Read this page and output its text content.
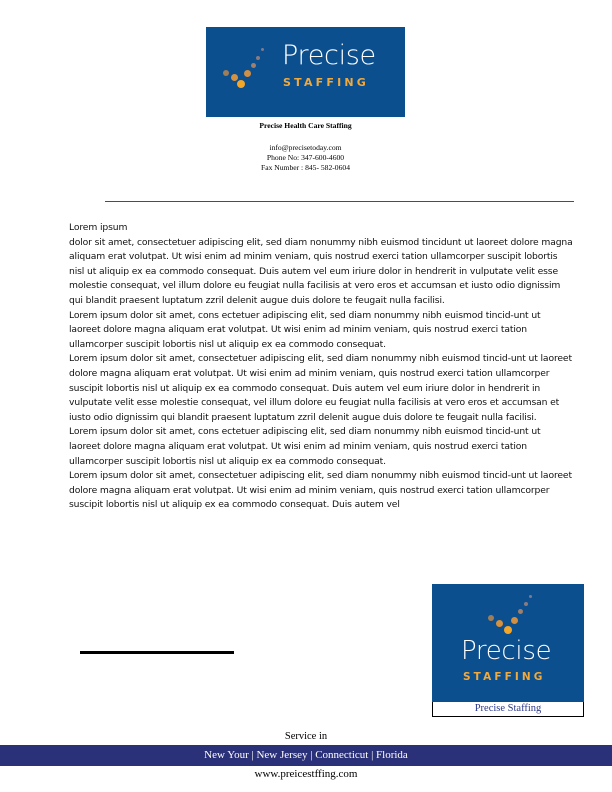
Precise
STAFFING
Precise Health Care Staffing
info@precisetoday.com
Phone No: 347-600-4600
Fax Number : 845- 582-0604

Lorem ipsum

dolor sit amet, consectetuer adipiscing elit, sed diam nonummy nibh euismod tincidunt ut laoreet dolore magna aliquam erat volutpat. Ut wisi enim ad minim veniam, quis nostrud exerci tation ullamcorper suscipit lobortis nisl ut aliquip ex ea commodo consequat. Duis autem vel eum iriure dolor in hendrerit in vulputate velit esse molestie consequat, vel illum dolore eu feugiat nulla facilisis at vero eros et accumsan et iusto odio dignissim qui blandit praesent luptatum zzril delenit augue duis dolore te feugait nulla facilisi.

Lorem ipsum dolor sit amet, cons ectetuer adipiscing elit, sed diam nonummy nibh euismod tincid-unt ut laoreet dolore magna aliquam erat volutpat. Ut wisi enim ad minim veniam, quis nostrud exerci tation ullamcorper suscipit lobortis nisl ut aliquip ex ea commodo consequat.

Lorem ipsum dolor sit amet, consectetuer adipiscing elit, sed diam nonummy nibh euismod tincid-unt ut laoreet dolore magna aliquam erat volutpat. Ut wisi enim ad minim veniam, quis nostrud exerci tation ullamcorper suscipit lobortis nisl ut aliquip ex ea commodo consequat. Duis autem vel eum iriure dolor in hendrerit in vulputate velit esse molestie consequat, vel illum dolore eu feugiat nulla facilisis at vero eros et accumsan et iusto odio dignissim qui blandit praesent luptatum zzril delenit augue duis dolore te feugait nulla facilisi.

Lorem ipsum dolor sit amet, cons ectetuer adipiscing elit, sed diam nonummy nibh euismod tincid-unt ut laoreet dolore magna aliquam erat volutpat. Ut wisi enim ad minim veniam, quis nostrud exerci tation ullamcorper suscipit lobortis nisl ut aliquip ex ea commodo consequat.

Lorem ipsum dolor sit amet, consectetuer adipiscing elit, sed diam nonummy nibh euismod tincid-unt ut laoreet dolore magna aliquam erat volutpat. Ut wisi enim ad minim veniam, quis nostrud exerci tation ullamcorper suscipit lobortis nisl ut aliquip ex ea commodo consequat. Duis autem vel

Precise
STAFFING
Precise Staffing
Service in
New Your | New Jersey | Connecticut | Florida
www.preicestffing.com
